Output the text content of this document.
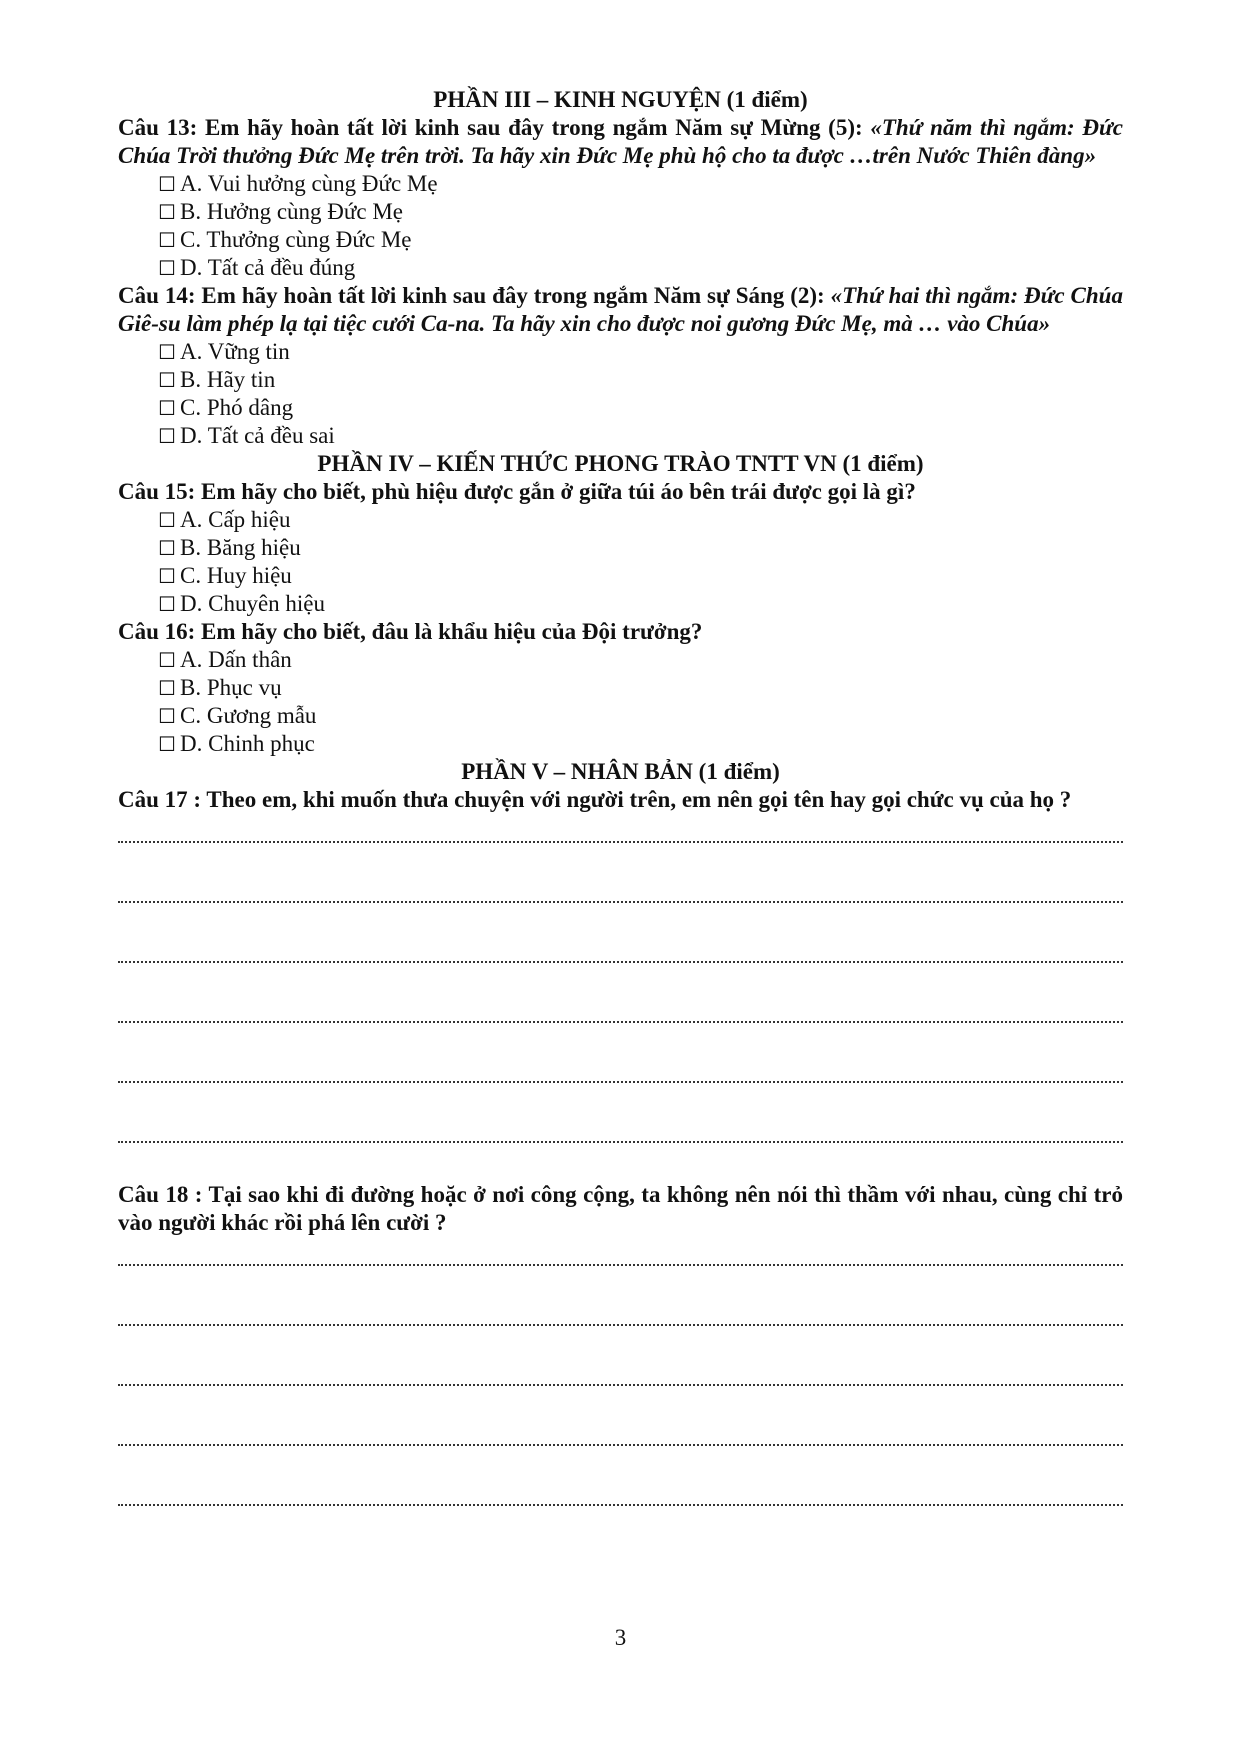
PHẦN III – KINH NGUYỆN (1 điểm)
Câu 13: Em hãy hoàn tất lời kinh sau đây trong ngắm Năm sự Mừng (5): «Thứ năm thì ngắm: Đức Chúa Trời thưởng Đức Mẹ trên trời. Ta hãy xin Đức Mẹ phù hộ cho ta được …trên Nước Thiên đàng»
☐ A. Vui hưởng cùng Đức Mẹ
☐ B. Hưởng cùng Đức Mẹ
☐ C. Thưởng cùng Đức Mẹ
☐ D. Tất cả đều đúng
Câu 14: Em hãy hoàn tất lời kinh sau đây trong ngắm Năm sự Sáng (2): «Thứ hai thì ngắm: Đức Chúa Giê-su làm phép lạ tại tiệc cưới Ca-na. Ta hãy xin cho được noi gương Đức Mẹ, mà … vào Chúa»
☐ A. Vững tin
☐ B. Hãy tin
☐ C. Phó dâng
☐ D. Tất cả đều sai
PHẦN IV – KIẾN THỨC PHONG TRÀO TNTT VN (1 điểm)
Câu 15: Em hãy cho biết, phù hiệu được gắn ở giữa túi áo bên trái được gọi là gì?
☐ A. Cấp hiệu
☐ B. Băng hiệu
☐ C. Huy hiệu
☐ D. Chuyên hiệu
Câu 16: Em hãy cho biết, đâu là khẩu hiệu của Đội trưởng?
☐ A. Dấn thân
☐ B. Phục vụ
☐ C. Gương mẫu
☐ D. Chinh phục
PHẦN V – NHÂN BẢN (1 điểm)
Câu 17 : Theo em, khi muốn thưa chuyện với người trên, em nên gọi tên hay gọi chức vụ của họ ?
Câu 18 : Tại sao khi đi đường hoặc ở nơi công cộng, ta không nên nói thì thầm với nhau, cùng chỉ trỏ vào người khác rồi phá lên cười ?
3
